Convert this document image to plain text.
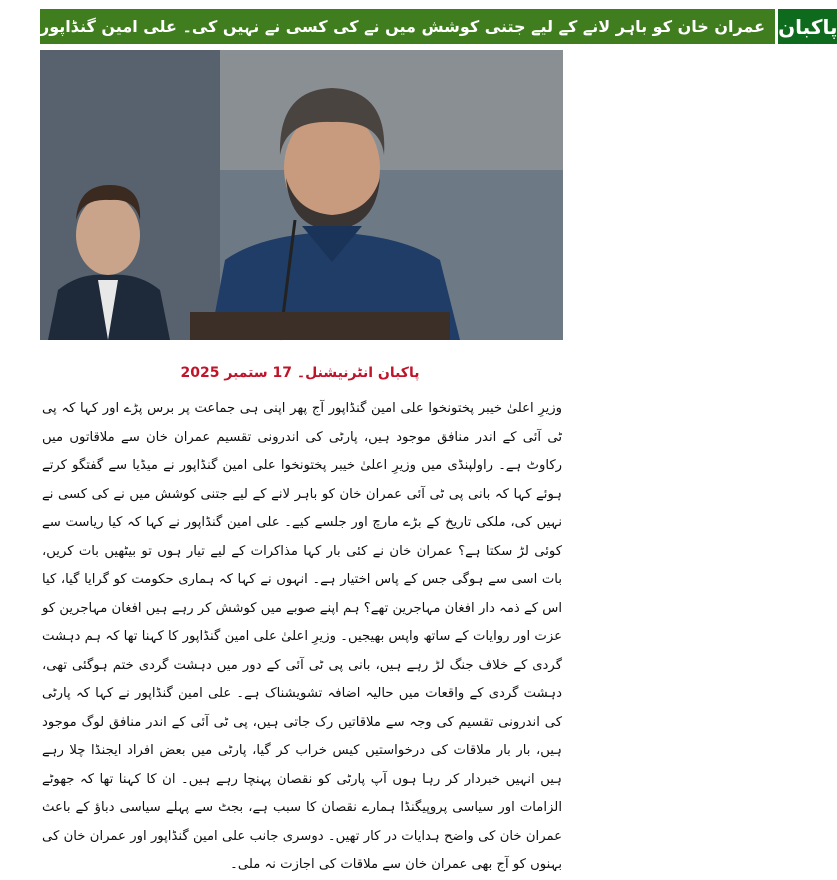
عمران خان کو باہر لانے کے لیے جتنی کوشش میں نے کی کسی نے نہیں کی۔ علی امین گنڈاپور پاکبان
پاکبان انٹرنیشنل۔ 17 ستمبر 2025
وزیرِ اعلیٰ خیبر پختونخوا علی امین گنڈاپور آج پھر اپنی ہی جماعت پر برس پڑے اور کہا کہ پی ٹی آئی کے اندر منافق موجود ہیں، پارٹی کی اندرونی تقسیم عمران خان سے ملاقاتوں میں رکاوٹ ہے۔ راولپنڈی میں وزیرِ اعلیٰ خیبر پختونخوا علی امین گنڈاپور نے میڈیا سے گفتگو کرتے ہوئے کہا کہ بانی پی ٹی آئی عمران خان کو باہر لانے کے لیے جتنی کوشش میں نے کی کسی نے نہیں کی، ملکی تاریخ کے بڑے مارچ اور جلسے کیے۔ علی امین گنڈاپور نے کہا کہ کیا ریاست سے کوئی لڑ سکتا ہے؟ عمران خان نے کئی بار کہا مذاکرات کے لیے تیار ہوں تو بیٹھیں بات کریں، بات اسی سے ہوگی جس کے پاس اختیار ہے۔ انہوں نے کہا کہ ہماری حکومت کو گرایا گیا، کیا اس کے ذمہ دار افغان مہاجرین تھے؟ ہم اپنے صوبے میں کوشش کر رہے ہیں افغان مہاجرین کو عزت اور روایات کے ساتھ واپس بھیجیں۔ وزیرِ اعلیٰ علی امین گنڈاپور کا کہنا تھا کہ ہم دہشت گردی کے خلاف جنگ لڑ رہے ہیں، بانی پی ٹی آئی کے دور میں دہشت گردی ختم ہوگئی تھی، دہشت گردی کے واقعات میں حالیہ اضافہ تشویشناک ہے۔ علی امین گنڈاپور نے کہا کہ پارٹی کی اندرونی تقسیم کی وجہ سے ملاقاتیں رک جاتی ہیں، پی ٹی آئی کے اندر منافق لوگ موجود ہیں، بار بار ملاقات کی درخواستیں کیس خراب کر گیا، پارٹی میں بعض افراد ایجنڈا چلا رہے ہیں انہیں خبردار کر رہا ہوں آپ پارٹی کو نقصان پہنچا رہے ہیں۔ ان کا کہنا تھا کہ جھوٹے الزامات اور سیاسی پروپیگنڈا ہمارے نقصان کا سبب ہے، بجٹ سے پہلے سیاسی دباؤ کے باعث عمران خان کی واضح ہدایات در کار تھیں۔ دوسری جانب علی امین گنڈاپور اور عمران خان کی بہنوں کو آج بھی عمران خان سے ملاقات کی اجازت نہ ملی۔
